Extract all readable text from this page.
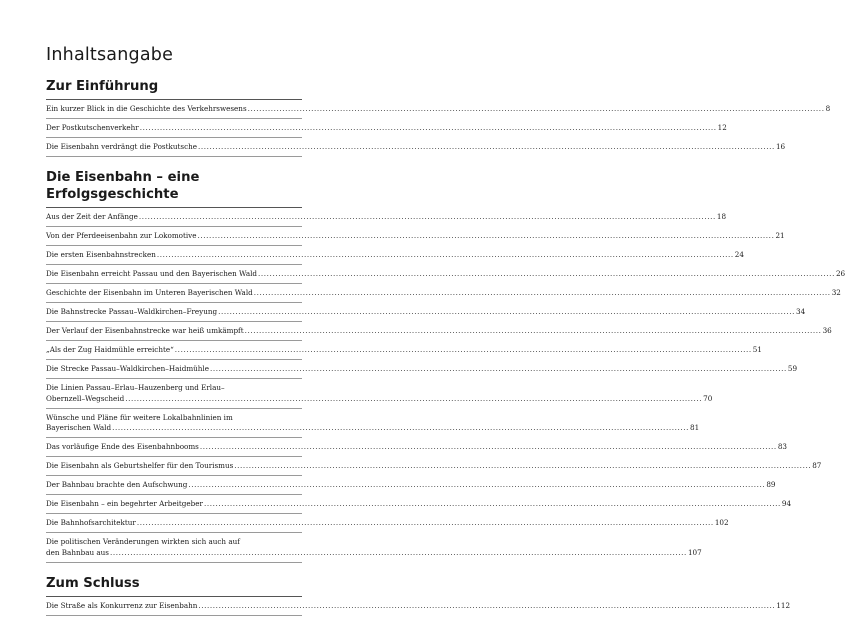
Inhaltsangabe
Zur Einführung
Ein kurzer Blick in die Geschichte des Verkehrswesens ........................................................................................................................................................................................................ 8
Der Postkutschenverkehr ........................................................................................................................................................................................................ 12
Die Eisenbahn verdrängt die Postkutsche ........................................................................................................................................................................................................ 16
Die Eisenbahn – eine Erfolgsgeschichte
Aus der Zeit der Anfänge ........................................................................................................................................................................................................ 18
Von der Pferdeeisenbahn zur Lokomotive ........................................................................................................................................................................................................ 21
Die ersten Eisenbahnstrecken ........................................................................................................................................................................................................ 24
Die Eisenbahn erreicht Passau und den Bayerischen Wald ........................................................................................................................................................................................................ 26
Geschichte der Eisenbahn im Unteren Bayerischen Wald ........................................................................................................................................................................................................ 32
Die Bahnstrecke Passau–Waldkirchen–Freyung ........................................................................................................................................................................................................ 34
Der Verlauf der Eisenbahnstrecke war heiß umkämpft ........................................................................................................................................................................................................ 36
„Als der Zug Haidmühle erreichte“ ........................................................................................................................................................................................................ 51
Die Strecke Passau–Waldkirchen–Haidmühle ........................................................................................................................................................................................................ 59
Die Linien Passau–Erlau–Hauzenberg und Erlau–
Obernzell–Wegscheid ........................................................................................................................................................................................................ 70
Wünsche und Pläne für weitere Lokalbahnlinien im
Bayerischen Wald ........................................................................................................................................................................................................ 81
Das vorläufige Ende des Eisenbahnbooms ........................................................................................................................................................................................................ 83
Die Eisenbahn als Geburtshelfer für den Tourismus ........................................................................................................................................................................................................ 87
Der Bahnbau brachte den Aufschwung ........................................................................................................................................................................................................ 89
Die Eisenbahn – ein begehrter Arbeitgeber ........................................................................................................................................................................................................ 94
Die Bahnhofsarchitektur ........................................................................................................................................................................................................ 102
Die politischen Veränderungen wirkten sich auch auf
den Bahnbau aus ........................................................................................................................................................................................................ 107
Zum Schluss
Die Straße als Konkurrenz zur Eisenbahn ........................................................................................................................................................................................................ 112
